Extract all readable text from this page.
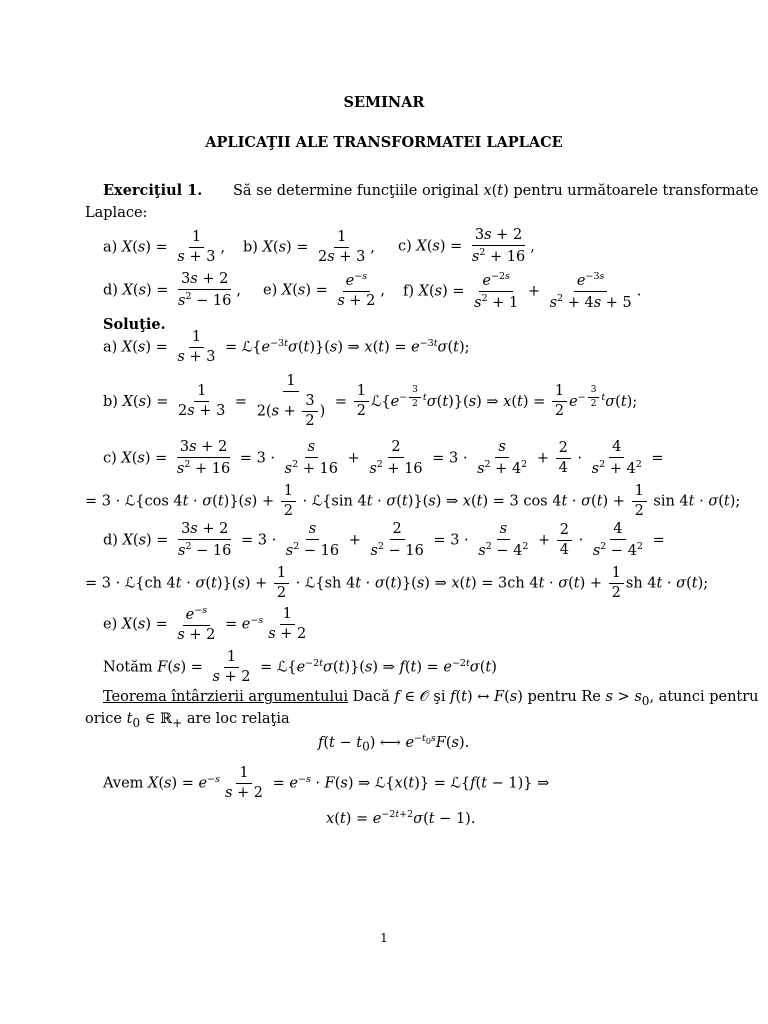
SEMINAR
APLICAŢII ALE TRANSFORMATEI LAPLACE
Exerciţiul 1. Să se determine funcţiile original x(t) pentru următoarele transformate
Laplace:
a) $X(s) = \frac{1}{s + 3}$ , b) $X(s) = \frac{1}{2s + 3}$ , c) $X(s) = \frac{3s + 2}{s^2 + 16}$ ,
d) $X(s) = \frac{3s + 2}{s^2 - 16}$ , e) $X(s) = \frac{e^{-s}}{s + 2}$ , f) $X(s) = \frac{e^{-2s}}{s^2 + 1} + \frac{e^{-3s}}{s^2 + 4s + 5}$ .
Soluţie.
a) $X(s) = \frac{1}{s + 3}$ = $ℒ\{e^{-3t}\sigma(t)\}(s)$ ⇒ $x(t) = e^{-3t}\sigma(t)$;
b) $X(s) = \frac{1}{2s + 3} = \frac{1}{2(s + \frac{3}{2} )} = \frac{1}{2}$ $ℒ\{e^{- \frac{3}{2} t}\sigma(t)\}(s)$ ⇒ $x(t) = \frac{1}{2} e^{- \frac{3}{2} t}\sigma(t)$;
c) $X(s) = \frac{3s + 2}{s^2 + 16} = 3 \cdot \frac{s}{s^2 + 16} + \frac{2}{s^2 + 16} = 3 \cdot \frac{s}{s^2 + 4^2} + \frac{2}{4} \cdot \frac{4}{s^2 + 4^2}$ =
= 3 · ℒ{cos $4t \cdot \sigma(t)\}(s) + \frac{1}{2}$ · ℒ{sin 4t · σ(t)}(s) ⇒ x(t) = 3 $\cos 4t \cdot \sigma(t) + \frac{1}{2}$ sin 4t · σ(t);
d) $X(s) = \frac{3s + 2}{s^2 - 16} = 3 \cdot \frac{s}{s^2 - 16} + \frac{2}{s^2 - 16} = 3 \cdot \frac{s}{s^2 - 4^2} + \frac{2}{4} \cdot \frac{4}{s^2 - 4^2}$ =
= 3 · ℒ{ch $4t \cdot \sigma(t)\}(s) + \frac{1}{2}$ · ℒ{sh 4t · σ(t)}(s) ⇒ x(t) = 3ch $4t \cdot \sigma(t) + \frac{1}{2}$ sh 4t · σ(t);
e) $X(s) = \frac{e^{-s}}{s + 2} = e^{-s} \frac{1}{s + 2}$
Notăm $F(s) = \frac{1}{s + 2}$ = $ℒ\{e^{-2t}\sigma(t)\}(s)$ ⇒ $f(t) = e^{-2t}\sigma(t)$
Teorema întârzierii argumentului Dacă f ∈ 𝒪 şi f(t) ↔ F(s) pentru Re $s > s_0$, atunci pentru
orice $t_0$ ∈ ℝ$_+$ are loc relaţia
$f(t - t_0)$ ⟷ $e^{-t_0s}F(s)$.
Avem $X(s) = e^{-s} \frac{1}{s + 2} = e^{-s} \cdot F(s)$ ⇒ ℒ{x(t)} = ℒ{f(t − 1)} ⇒
$x(t) = e^{-2t+2}\sigma(t - 1)$.
1
